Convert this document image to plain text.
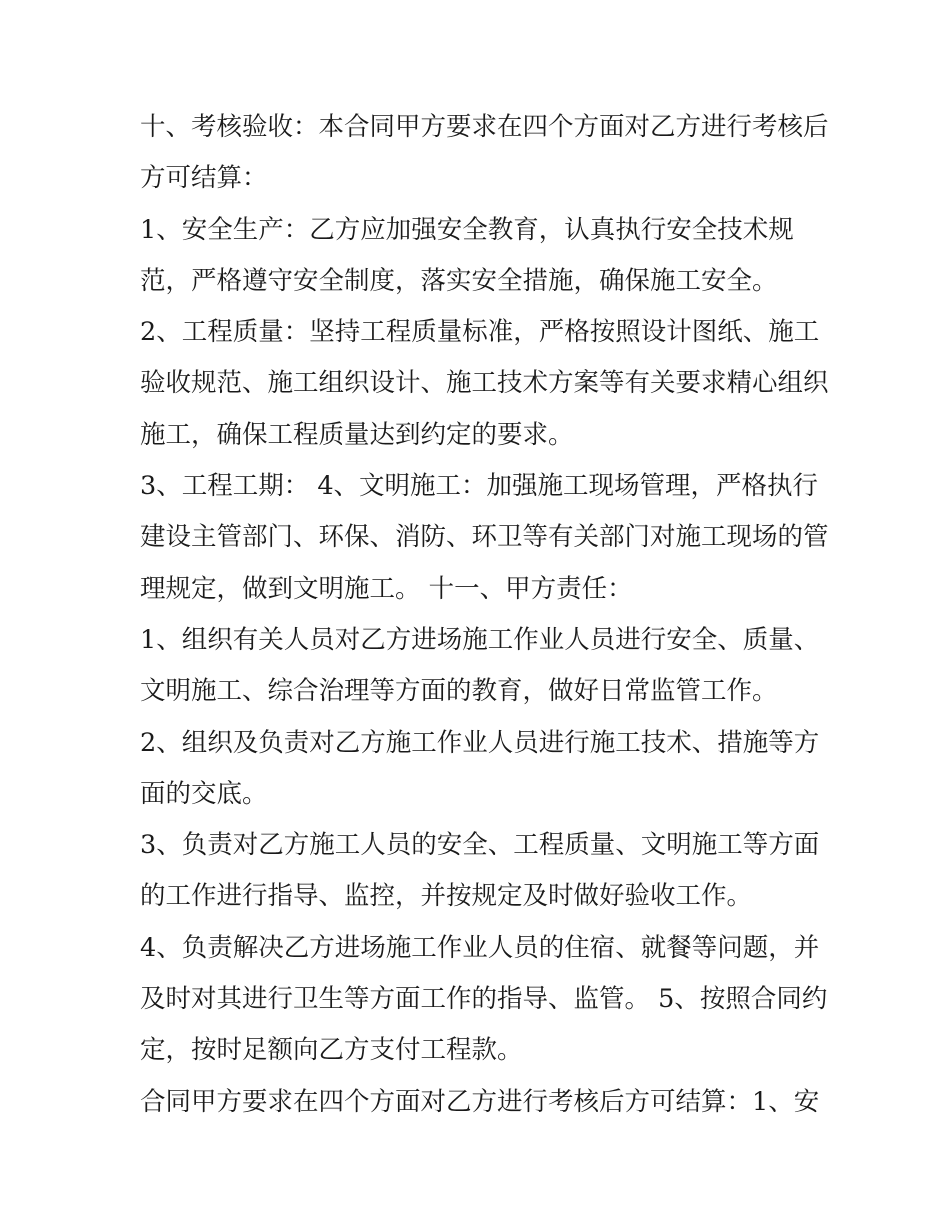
十、考核验收：本合同甲方要求在四个方面对乙方进行考核后
方可结算：
1、安全生产：乙方应加强安全教育，认真执行安全技术规
范，严格遵守安全制度，落实安全措施，确保施工安全。
2、工程质量：坚持工程质量标准，严格按照设计图纸、施工
验收规范、施工组织设计、施工技术方案等有关要求精心组织
施工，确保工程质量达到约定的要求。
3、工程工期： 4、文明施工：加强施工现场管理，严格执行
建设主管部门、环保、消防、环卫等有关部门对施工现场的管
理规定，做到文明施工。 十一、甲方责任：
1、组织有关人员对乙方进场施工作业人员进行安全、质量、
文明施工、综合治理等方面的教育，做好日常监管工作。
2、组织及负责对乙方施工作业人员进行施工技术、措施等方
面的交底。
3、负责对乙方施工人员的安全、工程质量、文明施工等方面
的工作进行指导、监控，并按规定及时做好验收工作。
4、负责解决乙方进场施工作业人员的住宿、就餐等问题，并
及时对其进行卫生等方面工作的指导、监管。 5、按照合同约
定，按时足额向乙方支付工程款。
合同甲方要求在四个方面对乙方进行考核后方可结算：1、安
